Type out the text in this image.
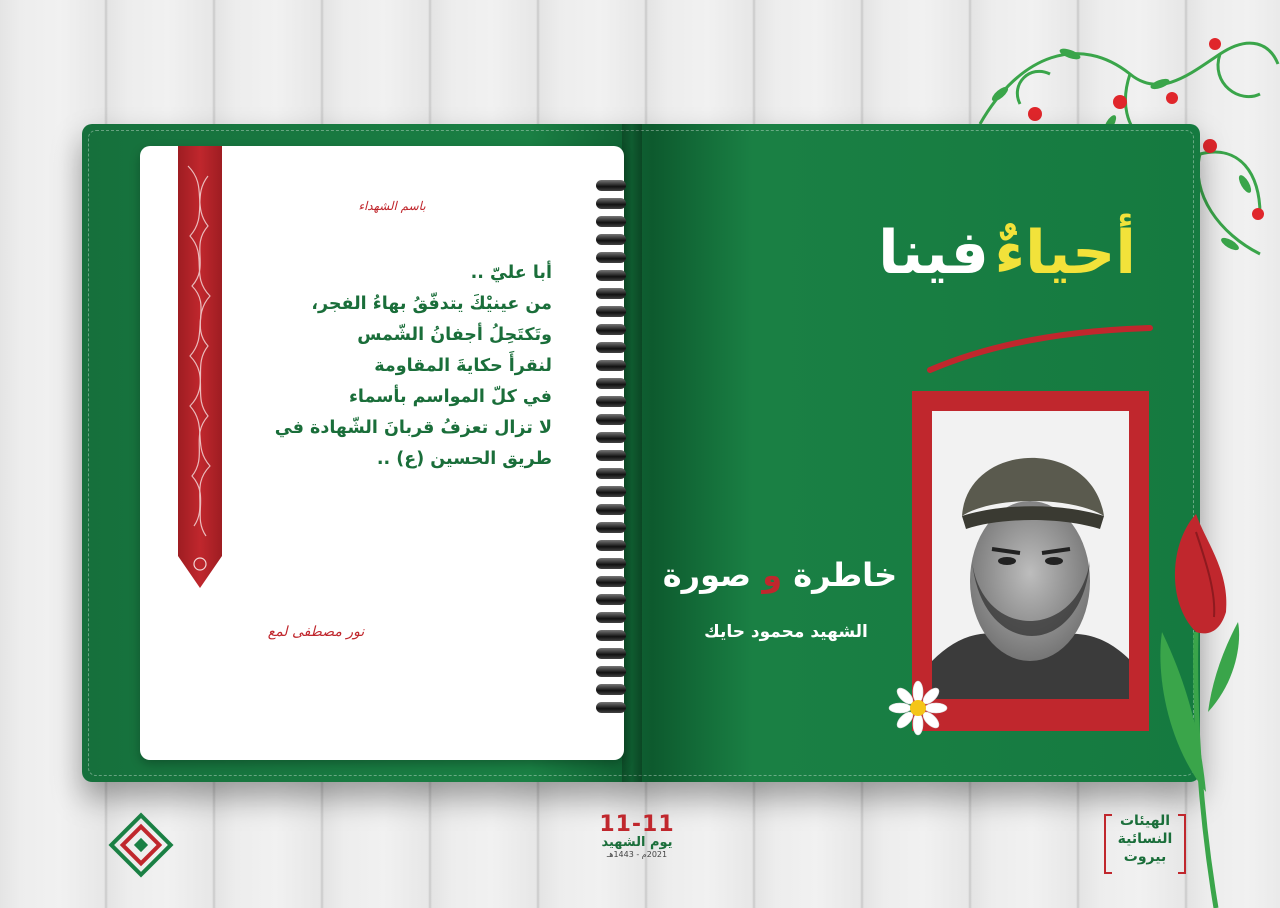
باسم الشهداء
أبا عليّ ..
من عينيْكَ يتدفّقُ بهاءُ الفجر،
وتَكتَحِلُ أجفانُ الشّمس
لنقرأَ حكايةَ المقاومة
في كلّ المواسم بأسماء
لا تزال تعزفُ قربانَ الشّهادة في
طريق الحسين (ع) ..
نور مصطفى لمع
أحياءٌ فينا
خاطرة و صورة
الشهيد محمود حايك
11-11
يوم الشهيد
2021م - 1443هـ
الهيئات
النسائية
بيروت
